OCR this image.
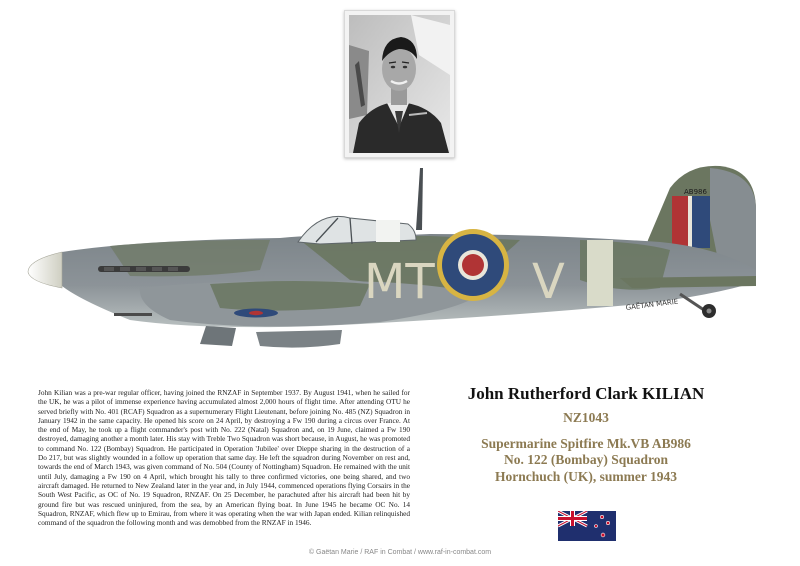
AB986
MT V	GAËTAN MARIE

John Kilian was a pre-war regular officer, having joined the RNZAF in September 1937. By August 1941, when he sailed for the UK, he was a pilot of immense experience having accumulated almost 2,000 hours of flight time. After attending OTU he served briefly with No. 401 (RCAF) Squadron as a supernumerary Flight Lieutenant, before joining No. 485 (NZ) Squadron in January 1942 in the same capacity. He opened his score on 24 April, by destroying a Fw 190 during a circus over France. At the end of May, he took up a flight commander's post with No. 222 (Natal) Squadron and, on 19 June, claimed a Fw 190 destroyed, damaging another a month later. His stay with Treble Two Squadron was short because, in August, he was promoted to command No. 122 (Bombay) Squadron. He participated in Operation 'Jubilee' over Dieppe sharing in the destruction of a Do 217, but was slightly wounded in a follow up operation that same day. He left the squadron during November on rest and, towards the end of March 1943, was given command of No. 504 (County of Nottingham) Squadron. He remained with the unit until July, damaging a Fw 190 on 4 April, which brought his tally to three confirmed victories, one being shared, and two aircraft damaged. He returned to New Zealand later in the year and, in July 1944, commenced operations flying Corsairs in the South West Pacific, as OC of No. 19 Squadron, RNZAF. On 25 December, he parachuted after his aircraft had been hit by ground fire but was rescued uninjured, from the sea, by an American flying boat. In June 1945 he became OC No. 14 Squadron, RNZAF, which flew up to Emirau, from where it was operating when the war with Japan ended. Kilian relinquished command of the squadron the following month and was demobbed from the RNZAF in 1946.

John Rutherford Clark KILIAN

NZ1043

Supermarine Spitfire Mk.VB AB986

No. 122 (Bombay) Squadron

Hornchuch (UK), summer 1943

© Gaëtan Marie / RAF in Combat / www.raf-in-combat.com
